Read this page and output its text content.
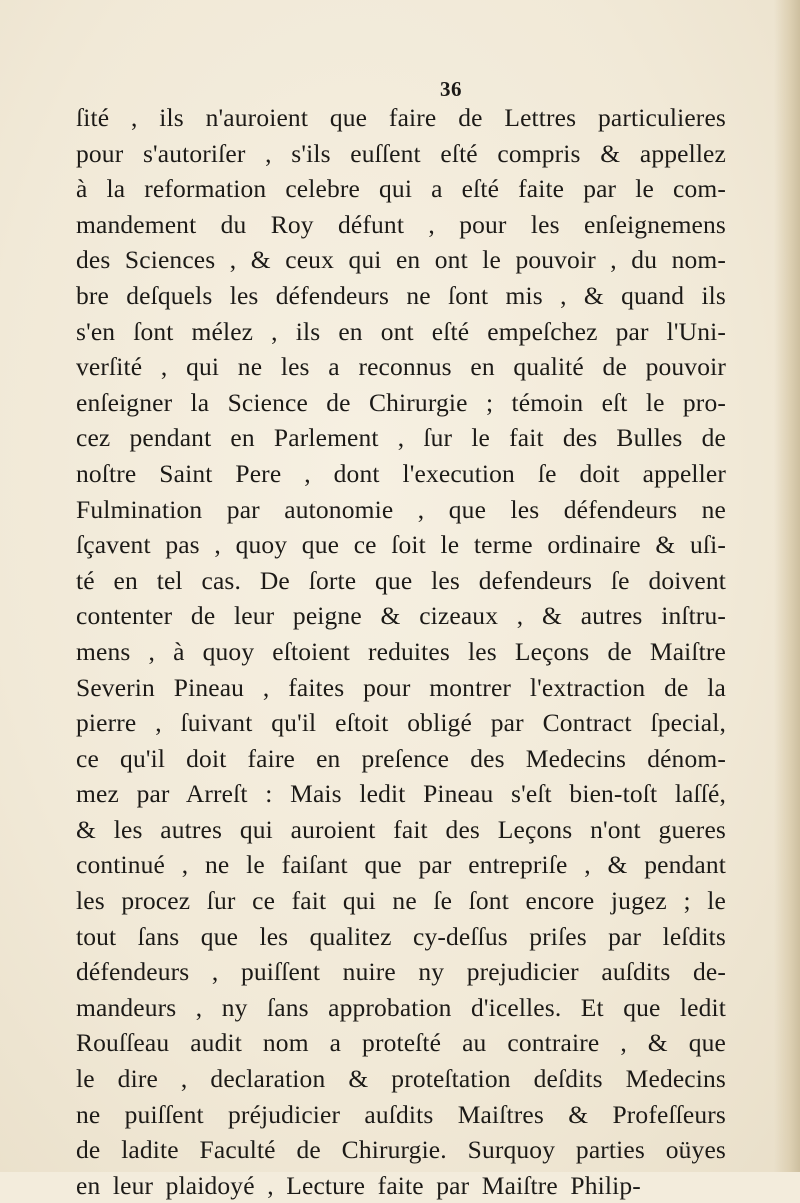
36
ſité , ils n'auroient que faire de Lettres particulieres
pour s'autoriſer , s'ils euſſent eſté compris & appellez
à la reformation celebre qui a eſté faite par le com-
mandement du Roy défunt , pour les enſeignemens
des Sciences , & ceux qui en ont le pouvoir , du nom-
bre deſquels les défendeurs ne ſont mis , & quand ils
s'en ſont mélez , ils en ont eſté empeſchez par l'Uni-
verſité , qui ne les a reconnus en qualité de pouvoir
enſeigner la Science de Chirurgie ; témoin eſt le pro-
cez pendant en Parlement , ſur le fait des Bulles de
noſtre Saint Pere , dont l'execution ſe doit appeller
Fulmination par autonomie , que les défendeurs ne
ſçavent pas , quoy que ce ſoit le terme ordinaire & uſi-
té en tel cas. De ſorte que les defendeurs ſe doivent
contenter de leur peigne & cizeaux , & autres inſtru-
mens , à quoy eſtoient reduites les Leçons de Maiſtre
Severin Pineau , faites pour montrer l'extraction de la
pierre , ſuivant qu'il eſtoit obligé par Contract ſpecial,
ce qu'il doit faire en preſence des Medecins dénom-
mez par Arreſt : Mais ledit Pineau s'eſt bien-toſt laſſé,
& les autres qui auroient fait des Leçons n'ont gueres
continué , ne le faiſant que par entrepriſe , & pendant
les procez ſur ce fait qui ne ſe ſont encore jugez ; le
tout ſans que les qualitez cy-deſſus priſes par leſdits
défendeurs , puiſſent nuire ny prejudicier auſdits de-
mandeurs , ny ſans approbation d'icelles. Et que ledit
Rouſſeau audit nom a proteſté au contraire , & que
le dire , declaration & proteſtation deſdits Medecins
ne puiſſent préjudicier auſdits Maiſtres & Profeſſeurs
de ladite Faculté de Chirurgie. Surquoy parties oüyes
en leur plaidoyé , Lecture faite par Maiſtre Philip-
